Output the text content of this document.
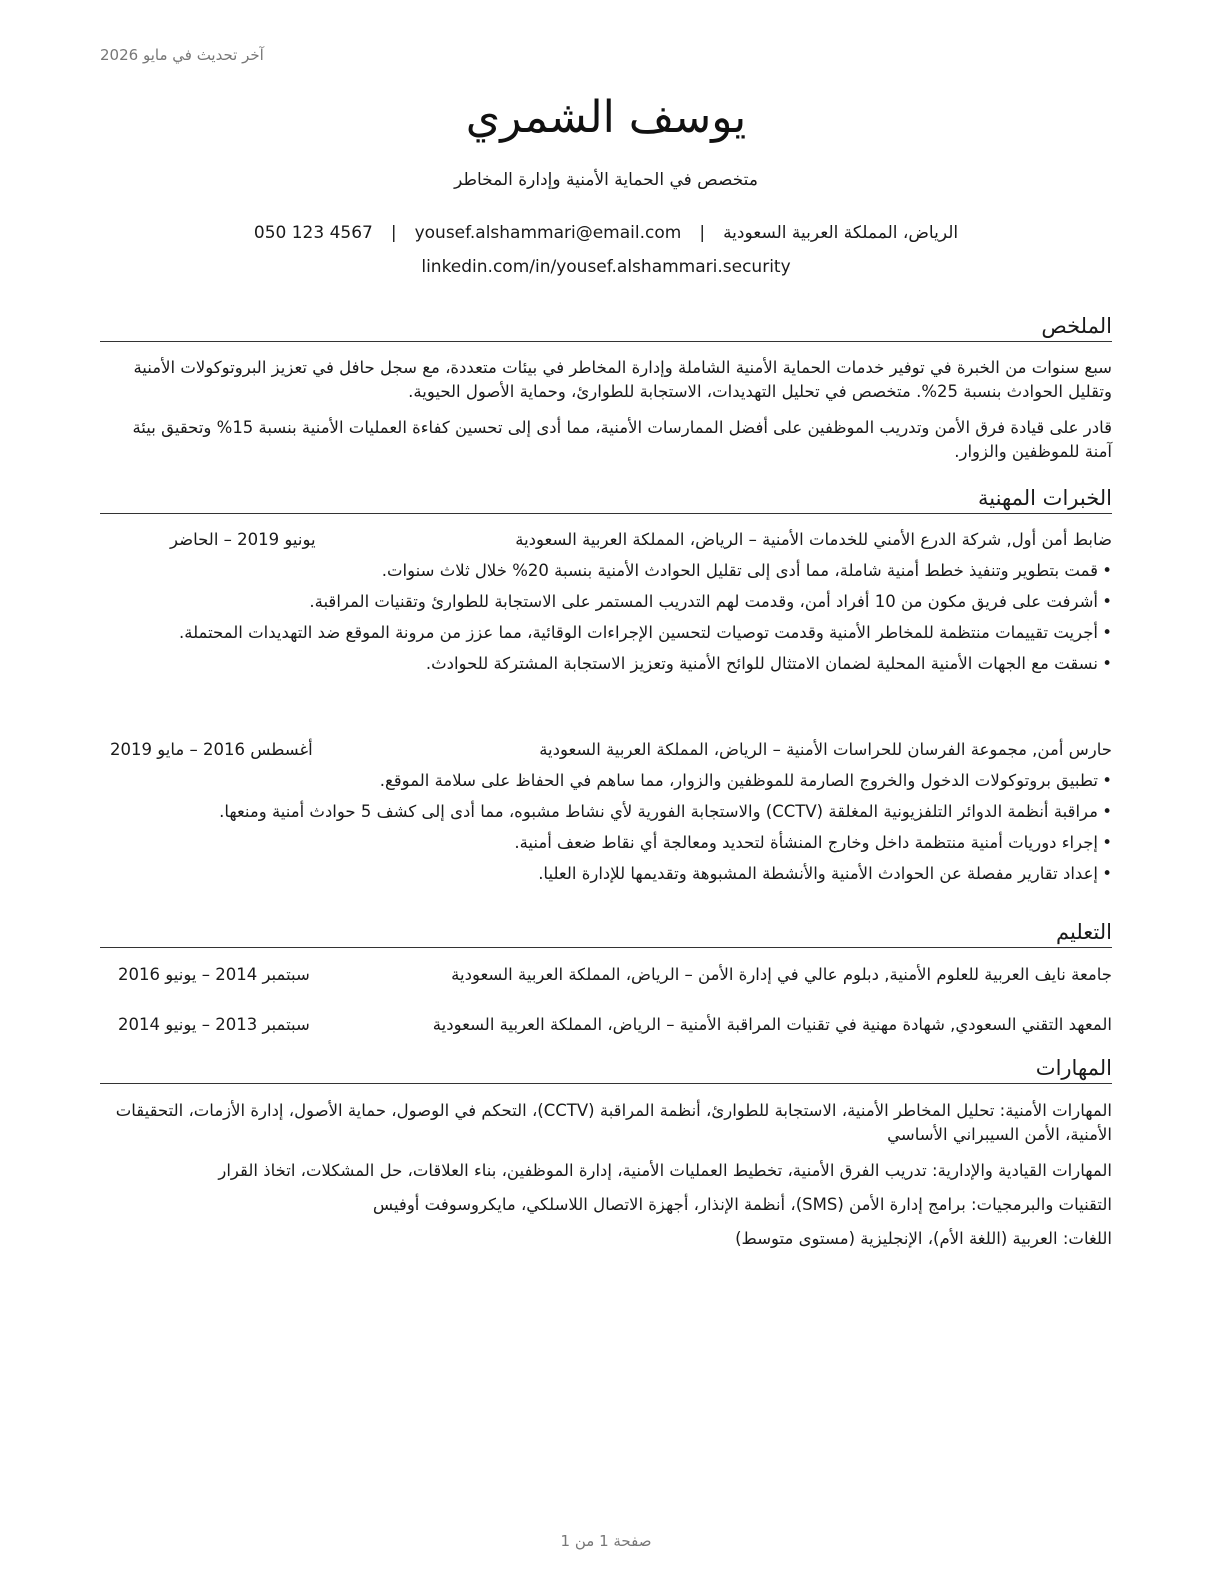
آخر تحديث في مايو 2026
يوسف الشمري
متخصص في الحماية الأمنية وإدارة المخاطر
الرياض، المملكة العربية السعودية|yousef.alshammari@email.com|050 123 4567
linkedin.com/in/yousef.alshammari.security
الملخص
سبع سنوات من الخبرة في توفير خدمات الحماية الأمنية الشاملة وإدارة المخاطر في بيئات متعددة، مع سجل حافل في تعزيز البروتوكولات الأمنية وتقليل الحوادث بنسبة 25%. متخصص في تحليل التهديدات، الاستجابة للطوارئ، وحماية الأصول الحيوية.
قادر على قيادة فرق الأمن وتدريب الموظفين على أفضل الممارسات الأمنية، مما أدى إلى تحسين كفاءة العمليات الأمنية بنسبة 15% وتحقيق بيئة آمنة للموظفين والزوار.
الخبرات المهنية
ضابط أمن أول, شركة الدرع الأمني للخدمات الأمنية – الرياض، المملكة العربية السعودية
يونيو 2019 – الحاضر
• قمت بتطوير وتنفيذ خطط أمنية شاملة، مما أدى إلى تقليل الحوادث الأمنية بنسبة 20% خلال ثلاث سنوات.
• أشرفت على فريق مكون من 10 أفراد أمن، وقدمت لهم التدريب المستمر على الاستجابة للطوارئ وتقنيات المراقبة.
• أجريت تقييمات منتظمة للمخاطر الأمنية وقدمت توصيات لتحسين الإجراءات الوقائية، مما عزز من مرونة الموقع ضد التهديدات المحتملة.
• نسقت مع الجهات الأمنية المحلية لضمان الامتثال للوائح الأمنية وتعزيز الاستجابة المشتركة للحوادث.
حارس أمن, مجموعة الفرسان للحراسات الأمنية – الرياض، المملكة العربية السعودية
أغسطس 2016 – مايو 2019
• تطبيق بروتوكولات الدخول والخروج الصارمة للموظفين والزوار، مما ساهم في الحفاظ على سلامة الموقع.
• مراقبة أنظمة الدوائر التلفزيونية المغلقة (CCTV) والاستجابة الفورية لأي نشاط مشبوه، مما أدى إلى كشف 5 حوادث أمنية ومنعها.
• إجراء دوريات أمنية منتظمة داخل وخارج المنشأة لتحديد ومعالجة أي نقاط ضعف أمنية.
• إعداد تقارير مفصلة عن الحوادث الأمنية والأنشطة المشبوهة وتقديمها للإدارة العليا.
التعليم
جامعة نايف العربية للعلوم الأمنية, دبلوم عالي في إدارة الأمن – الرياض، المملكة العربية السعودية
سبتمبر 2014 – يونيو 2016
المعهد التقني السعودي, شهادة مهنية في تقنيات المراقبة الأمنية – الرياض، المملكة العربية السعودية
سبتمبر 2013 – يونيو 2014
المهارات
المهارات الأمنية: تحليل المخاطر الأمنية، الاستجابة للطوارئ، أنظمة المراقبة (CCTV)، التحكم في الوصول، حماية الأصول، إدارة الأزمات، التحقيقات الأمنية، الأمن السيبراني الأساسي
المهارات القيادية والإدارية: تدريب الفرق الأمنية، تخطيط العمليات الأمنية، إدارة الموظفين، بناء العلاقات، حل المشكلات، اتخاذ القرار
التقنيات والبرمجيات: برامج إدارة الأمن (SMS)، أنظمة الإنذار، أجهزة الاتصال اللاسلكي، مايكروسوفت أوفيس
اللغات: العربية (اللغة الأم)، الإنجليزية (مستوى متوسط)
صفحة 1 من 1
